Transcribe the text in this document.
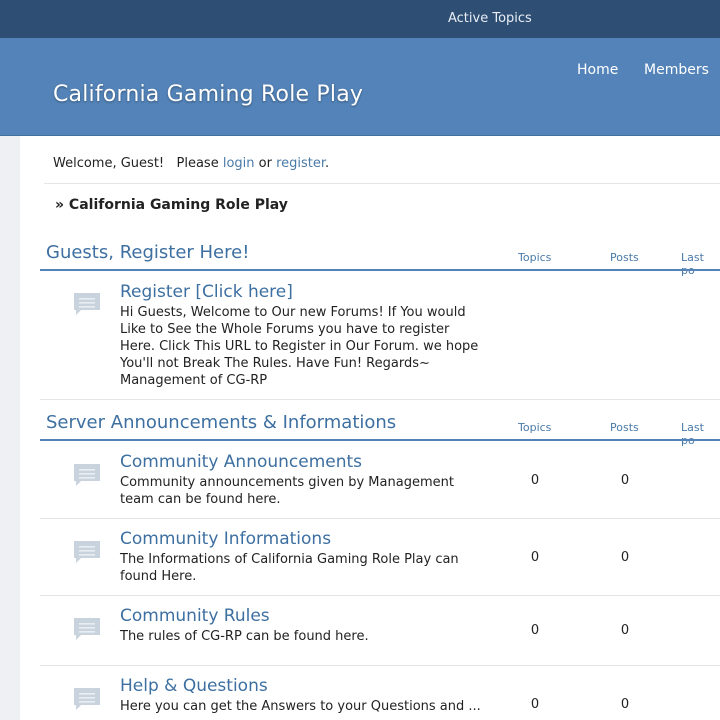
Active Topics
Home Members
California Gaming Role Play
Welcome, Guest!   Please login or register.
» California Gaming Role Play
Guests, Register Here!	Topics	Posts	Last
Register [Click here]
Hi Guests, Welcome to Our new Forums! If You would Like to See the Whole Forums you have to register Here. Click This URL to Register in Our Forum. we hope You'll not Break The Rules. Have Fun! Regards~ Management of CG-RP
Server Announcements & Informations	Topics	Posts	Last
Community Announcements
Community announcements given by Management team can be found here.
0	0
Community Informations
The Informations of California Gaming Role Play can found Here.
0	0
Community Rules
The rules of CG-RP can be found here.	0	0
Help & Questions
Here you can get the Answers to your Questions and ...	0	0
